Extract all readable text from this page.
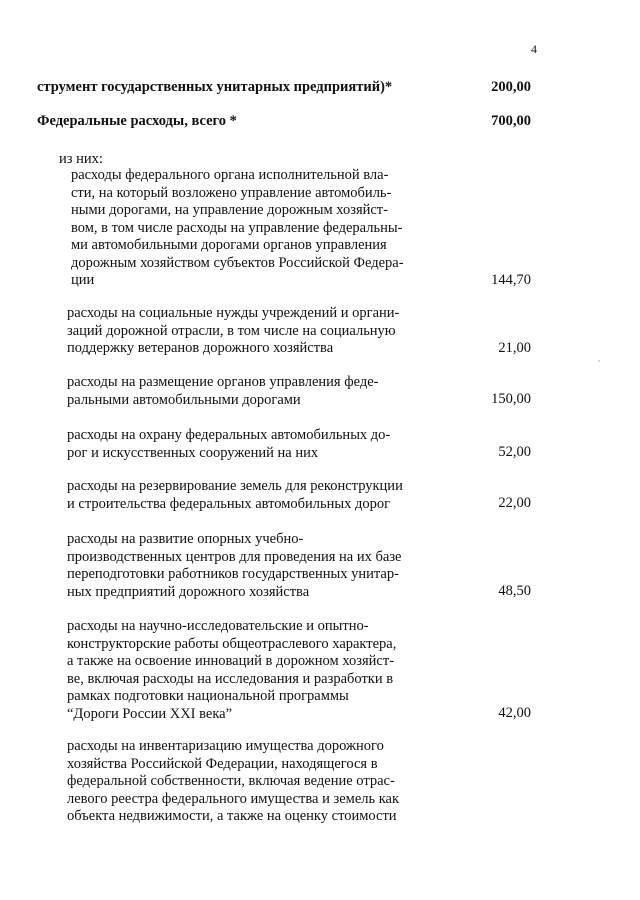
4
струмент государственных унитарных предприятий)*	200,00
Федеральные расходы, всего *	700,00
из них:
расходы федерального органа исполнительной вла-
сти, на который возложено управление автомобиль-
ными дорогами, на управление дорожным хозяйст-
вом, в том числе расходы на управление федеральны-
ми автомобильными дорогами органов управления
дорожным хозяйством субъектов Российской Федера-
ции	144,70
расходы на социальные нужды учреждений и органи-
заций дорожной отрасли, в том числе на социальную
поддержку ветеранов дорожного хозяйства	21,00
расходы на размещение органов управления феде-
ральными автомобильными дорогами	150,00
расходы на охрану федеральных автомобильных до-
рог и искусственных сооружений на них	52,00
расходы на резервирование земель для реконструкции
и строительства федеральных автомобильных дорог	22,00
расходы на развитие опорных учебно-
производственных центров для проведения на их базе
переподготовки работников государственных унитар-
ных предприятий дорожного хозяйства	48,50
расходы на научно-исследовательские и опытно-
конструкторские работы общеотраслевого характера,
а также на освоение инноваций в дорожном хозяйст-
ве, включая расходы на исследования и разработки в
рамках подготовки национальной программы
“Дороги России XXI века”	42,00
расходы на инвентаризацию имущества дорожного
хозяйства Российской Федерации, находящегося в
федеральной собственности, включая ведение отрас-
левого реестра федерального имущества и земель как
объекта недвижимости, а также на оценку стоимости
